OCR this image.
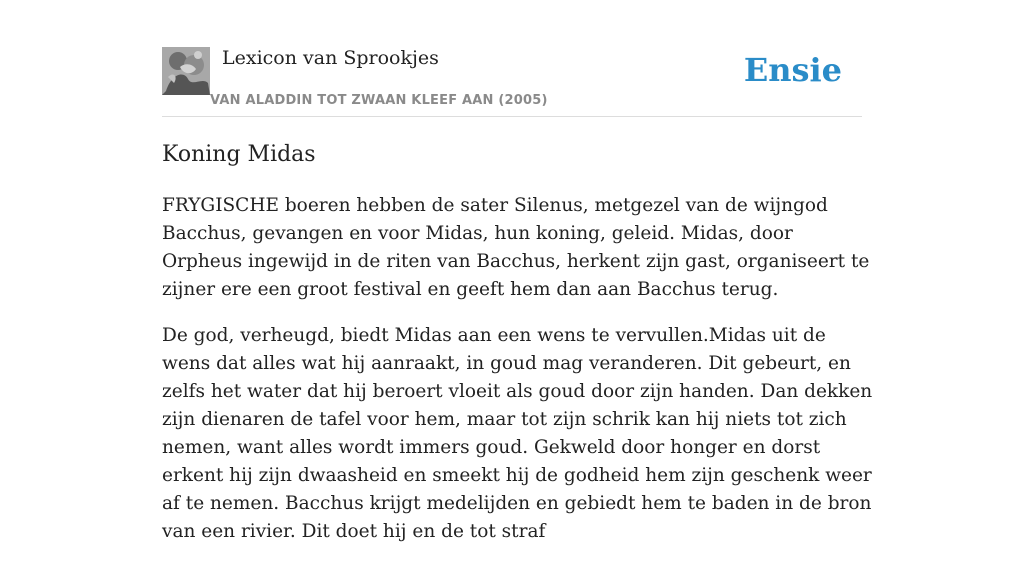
Lexicon van Sprookjes
VAN ALADDIN TOT ZWAAN KLEEF AAN (2005)
Ensie
Koning Midas

FRYGISCHE boeren hebben de sater Silenus, metgezel van de wijngod Bacchus, gevangen en voor Midas, hun koning, geleid. Midas, door Orpheus ingewijd in de riten van Bacchus, herkent zijn gast, organiseert te zijner ere een groot festival en geeft hem dan aan Bacchus terug.

De god, verheugd, biedt Midas aan een wens te vervullen.Midas uit de wens dat alles wat hij aanraakt, in goud mag veranderen. Dit gebeurt, en zelfs het water dat hij beroert vloeit als goud door zijn handen. Dan dekken zijn dienaren de tafel voor hem, maar tot zijn schrik kan hij niets tot zich nemen, want alles wordt immers goud. Gekweld door honger en dorst erkent hij zijn dwaasheid en smeekt hij de godheid hem zijn geschenk weer af te nemen. Bacchus krijgt medelijden en gebiedt hem te baden in de bron van een rivier. Dit doet hij en de tot straf
